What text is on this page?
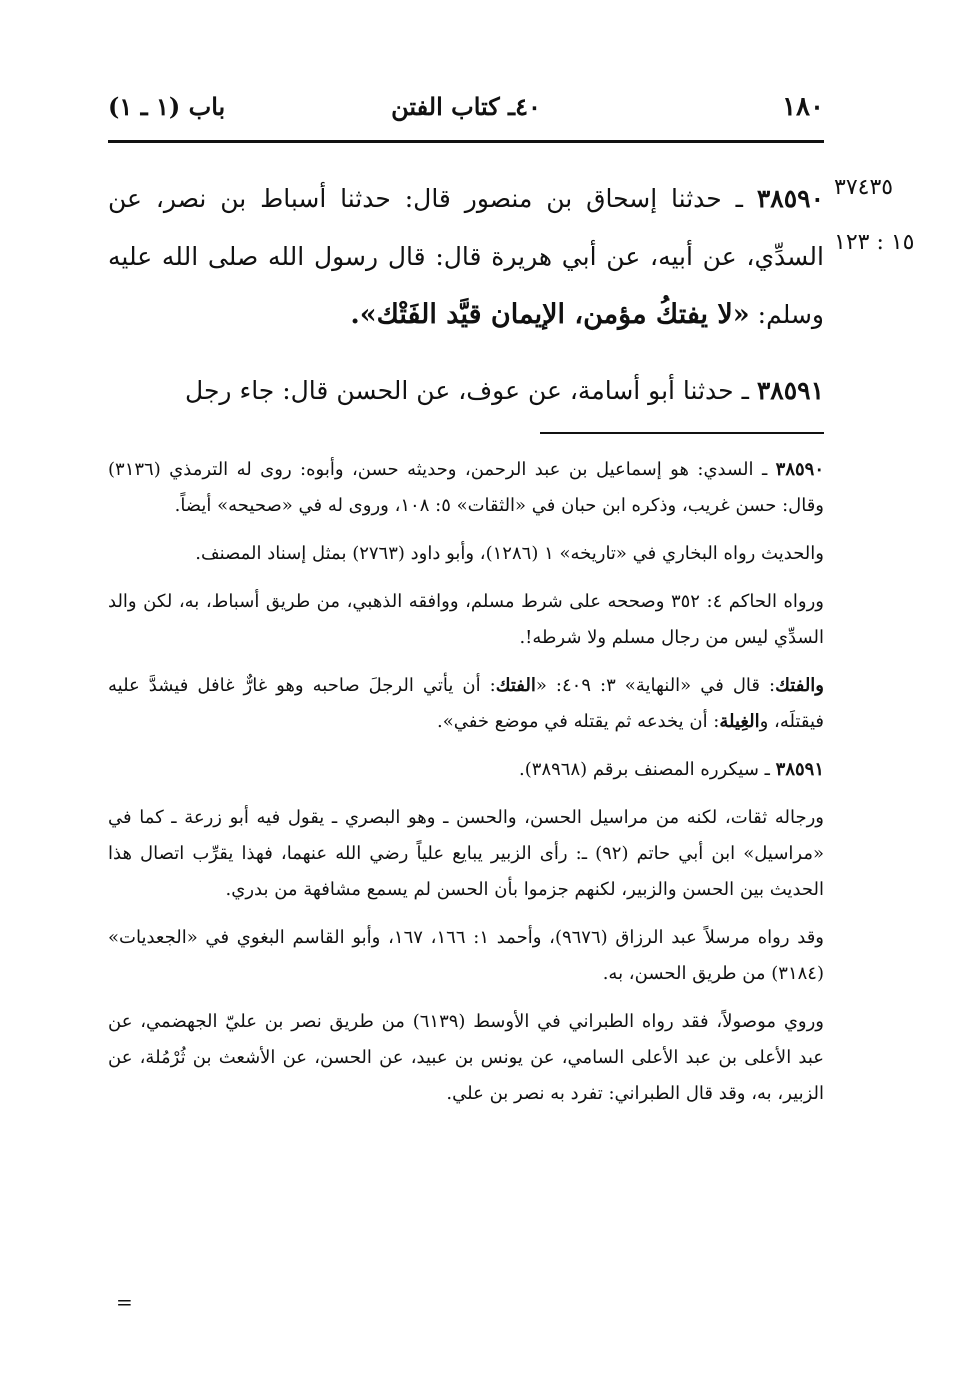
١٨٠
٤٠ـ كتاب الفتن
باب (١ ـ ١)
٣٧٤٣٥
١٥ : ١٢٣

٣٨٥٩٠ ـ حدثنا إسحاق بن منصور قال: حدثنا أسباط بن نصر، عن السدِّي، عن أبيه، عن أبي هريرة قال: قال رسول الله صلى الله عليه وسلم: «لا يفتكُ مؤمن، الإيمان قيَّد الفَتْك».

٣٨٥٩١ ـ حدثنا أبو أسامة، عن عوف، عن الحسن قال: جاء رجل

٣٨٥٩٠ ـ السدي: هو إسماعيل بن عبد الرحمن، وحديثه حسن، وأبوه: روى له الترمذي (٣١٣٦) وقال: حسن غريب، وذكره ابن حبان في «الثقات» ٥: ١٠٨، وروى له في «صحيحه» أيضاً.

والحديث رواه البخاري في «تاريخه» ١ (١٢٨٦)، وأبو داود (٢٧٦٣) بمثل إسناد المصنف.

ورواه الحاكم ٤: ٣٥٢ وصححه على شرط مسلم، ووافقه الذهبي، من طريق أسباط، به، لكن والد السدِّي ليس من رجال مسلم ولا شرطه!.

والفتك: قال في «النهاية» ٣: ٤٠٩: «الفتك: أن يأتي الرجلَ صاحبه وهو غارٌّ غافل فيشدَّ عليه فيقتلَه، والغِيلة: أن يخدعه ثم يقتله في موضع خفي».

٣٨٥٩١ ـ سيكرره المصنف برقم (٣٨٩٦٨).

ورجاله ثقات، لكنه من مراسيل الحسن، والحسن ـ وهو البصري ـ يقول فيه أبو زرعة ـ كما في «مراسيل» ابن أبي حاتم (٩٢) ـ: رأى الزبير يبايع علياً رضي الله عنهما، فهذا يقرِّب اتصال هذا الحديث بين الحسن والزبير، لكنهم جزموا بأن الحسن لم يسمع مشافهة من بدري.

وقد رواه مرسلاً عبد الرزاق (٩٦٧٦)، وأحمد ١: ١٦٦، ١٦٧، وأبو القاسم البغوي في «الجعديات» (٣١٨٤) من طريق الحسن، به.

وروي موصولاً، فقد رواه الطبراني في الأوسط (٦١٣٩) من طريق نصر بن عليّ الجهضمي، عن عبد الأعلى بن عبد الأعلى السامي، عن يونس بن عبيد، عن الحسن، عن الأشعث بن ثُرْمُلة، عن الزبير، به، وقد قال الطبراني: تفرد به نصر بن علي.

=
